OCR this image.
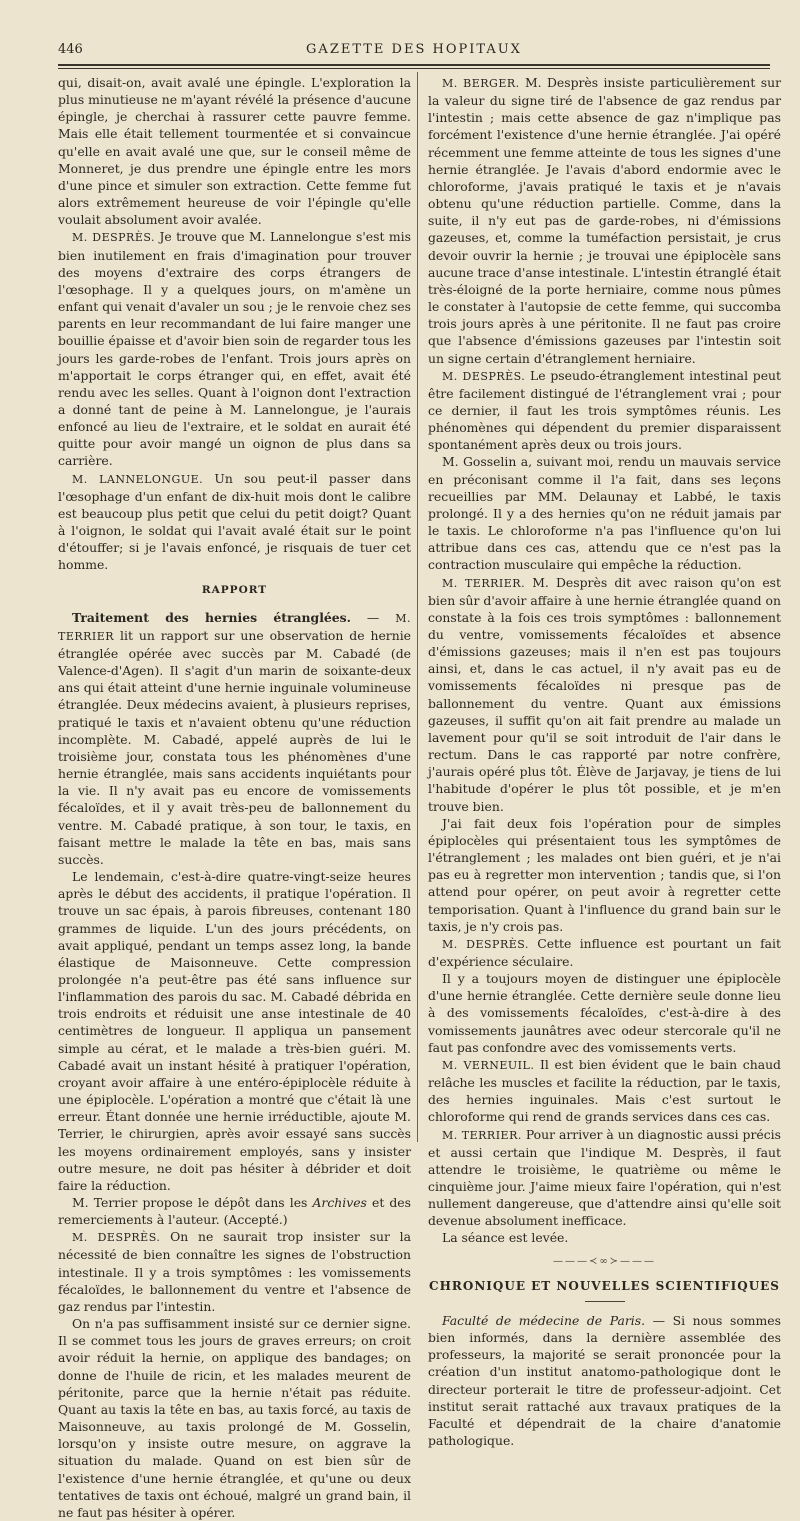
446	GAZETTE DES HOPITAUX

qui, disait-on, avait avalé une épingle. L'exploration la plus minutieuse ne m'ayant révélé la présence d'aucune épingle, je cherchai à rassurer cette pauvre femme. Mais elle était tellement tourmentée et si convaincue qu'elle en avait avalé une que, sur le conseil même de Monneret, je dus prendre une épingle entre les mors d'une pince et simuler son extraction. Cette femme fut alors extrêmement heureuse de voir l'épingle qu'elle voulait absolument avoir avalée.

M. DESPRÈS. Je trouve que M. Lannelongue s'est mis bien inutilement en frais d'imagination pour trouver des moyens d'extraire des corps étrangers de l'œsophage. Il y a quelques jours, on m'amène un enfant qui venait d'avaler un sou ; je le renvoie chez ses parents en leur recommandant de lui faire manger une bouillie épaisse et d'avoir bien soin de regarder tous les jours les garde-robes de l'enfant. Trois jours après on m'apportait le corps étranger qui, en effet, avait été rendu avec les selles. Quant à l'oignon dont l'extraction a donné tant de peine à M. Lannelongue, je l'aurais enfoncé au lieu de l'extraire, et le soldat en aurait été quitte pour avoir mangé un oignon de plus dans sa carrière.

M. LANNELONGUE. Un sou peut-il passer dans l'œsophage d'un enfant de dix-huit mois dont le calibre est beaucoup plus petit que celui du petit doigt? Quant à l'oignon, le soldat qui l'avait avalé était sur le point d'étouffer; si je l'avais enfoncé, je risquais de tuer cet homme.

RAPPORT

Traitement des hernies étranglées. — M. TERRIER lit un rapport sur une observation de hernie étranglée opérée avec succès par M. Cabadé (de Valence-d'Agen). Il s'agit d'un marin de soixante-deux ans qui était atteint d'une hernie inguinale volumineuse étranglée. Deux médecins avaient, à plusieurs reprises, pratiqué le taxis et n'avaient obtenu qu'une réduction incomplète. M. Cabadé, appelé auprès de lui le troisième jour, constata tous les phénomènes d'une hernie étranglée, mais sans accidents inquiétants pour la vie. Il n'y avait pas eu encore de vomissements fécaloïdes, et il y avait très-peu de ballonnement du ventre. M. Cabadé pratique, à son tour, le taxis, en faisant mettre le malade la tête en bas, mais sans succès.

Le lendemain, c'est-à-dire quatre-vingt-seize heures après le début des accidents, il pratique l'opération. Il trouve un sac épais, à parois fibreuses, contenant 180 grammes de liquide. L'un des jours précédents, on avait appliqué, pendant un temps assez long, la bande élastique de Maisonneuve. Cette compression prolongée n'a peut-être pas été sans influence sur l'inflammation des parois du sac. M. Cabadé débrida en trois endroits et réduisit une anse intestinale de 40 centimètres de longueur. Il appliqua un pansement simple au cérat, et le malade a très-bien guéri. M. Cabadé avait un instant hésité à pratiquer l'opération, croyant avoir affaire à une entéro-épiplocèle réduite à une épiplocèle. L'opération a montré que c'était là une erreur. Étant donnée une hernie irréductible, ajoute M. Terrier, le chirurgien, après avoir essayé sans succès les moyens ordinairement employés, sans y insister outre mesure, ne doit pas hésiter à débrider et doit faire la réduction.

M. Terrier propose le dépôt dans les Archives et des remerciements à l'auteur. (Accepté.)

M. DESPRÈS. On ne saurait trop insister sur la nécessité de bien connaître les signes de l'obstruction intestinale. Il y a trois symptômes : les vomissements fécaloïdes, le ballonnement du ventre et l'absence de gaz rendus par l'intestin.

On n'a pas suffisamment insisté sur ce dernier signe. Il se commet tous les jours de graves erreurs; on croit avoir réduit la hernie, on applique des bandages; on donne de l'huile de ricin, et les malades meurent de péritonite, parce que la hernie n'était pas réduite. Quant au taxis la tête en bas, au taxis forcé, au taxis de Maisonneuve, au taxis prolongé de M. Gosselin, lorsqu'on y insiste outre mesure, on aggrave la situation du malade. Quand on est bien sûr de l'existence d'une hernie étranglée, et qu'une ou deux tentatives de taxis ont échoué, malgré un grand bain, il ne faut pas hésiter à opérer.

M. BERGER. M. Desprès insiste particulièrement sur la valeur du signe tiré de l'absence de gaz rendus par l'intestin ; mais cette absence de gaz n'implique pas forcément l'existence d'une hernie étranglée. J'ai opéré récemment une femme atteinte de tous les signes d'une hernie étranglée. Je l'avais d'abord endormie avec le chloroforme, j'avais pratiqué le taxis et je n'avais obtenu qu'une réduction partielle. Comme, dans la suite, il n'y eut pas de garde-robes, ni d'émissions gazeuses, et, comme la tuméfaction persistait, je crus devoir ouvrir la hernie ; je trouvai une épiplocèle sans aucune trace d'anse intestinale. L'intestin étranglé était très-éloigné de la porte herniaire, comme nous pûmes le constater à l'autopsie de cette femme, qui succomba trois jours après à une péritonite. Il ne faut pas croire que l'absence d'émissions gazeuses par l'intestin soit un signe certain d'étranglement herniaire.

M. DESPRÈS. Le pseudo-étranglement intestinal peut être facilement distingué de l'étranglement vrai ; pour ce dernier, il faut les trois symptômes réunis. Les phénomènes qui dépendent du premier disparaissent spontanément après deux ou trois jours.

M. Gosselin a, suivant moi, rendu un mauvais service en préconisant comme il l'a fait, dans ses leçons recueillies par MM. Delaunay et Labbé, le taxis prolongé. Il y a des hernies qu'on ne réduit jamais par le taxis. Le chloroforme n'a pas l'influence qu'on lui attribue dans ces cas, attendu que ce n'est pas la contraction musculaire qui empêche la réduction.

M. TERRIER. M. Desprès dit avec raison qu'on est bien sûr d'avoir affaire à une hernie étranglée quand on constate à la fois ces trois symptômes : ballonnement du ventre, vomissements fécaloïdes et absence d'émissions gazeuses; mais il n'en est pas toujours ainsi, et, dans le cas actuel, il n'y avait pas eu de vomissements fécaloïdes ni presque pas de ballonnement du ventre. Quant aux émissions gazeuses, il suffit qu'on ait fait prendre au malade un lavement pour qu'il se soit introduit de l'air dans le rectum. Dans le cas rapporté par notre confrère, j'aurais opéré plus tôt. Élève de Jarjavay, je tiens de lui l'habitude d'opérer le plus tôt possible, et je m'en trouve bien.

J'ai fait deux fois l'opération pour de simples épiplocèles qui présentaient tous les symptômes de l'étranglement ; les malades ont bien guéri, et je n'ai pas eu à regretter mon intervention ; tandis que, si l'on attend pour opérer, on peut avoir à regretter cette temporisation. Quant à l'influence du grand bain sur le taxis, je n'y crois pas.

M. DESPRÈS. Cette influence est pourtant un fait d'expérience séculaire.

Il y a toujours moyen de distinguer une épiplocèle d'une hernie étranglée. Cette dernière seule donne lieu à des vomissements fécaloïdes, c'est-à-dire à des vomissements jaunâtres avec odeur stercorale qu'il ne faut pas confondre avec des vomissements verts.

M. VERNEUIL. Il est bien évident que le bain chaud relâche les muscles et facilite la réduction, par le taxis, des hernies inguinales. Mais c'est surtout le chloroforme qui rend de grands services dans ces cas.

M. TERRIER. Pour arriver à un diagnostic aussi précis et aussi certain que l'indique M. Desprès, il faut attendre le troisième, le quatrième ou même le cinquième jour. J'aime mieux faire l'opération, qui n'est nullement dangereuse, que d'attendre ainsi qu'elle soit devenue absolument inefficace.

La séance est levée.

———≺∞≻———
CHRONIQUE ET NOUVELLES SCIENTIFIQUES

Faculté de médecine de Paris. — Si nous sommes bien informés, dans la dernière assemblée des professeurs, la majorité se serait prononcée pour la création d'un institut anatomo-pathologique dont le directeur porterait le titre de professeur-adjoint. Cet institut serait rattaché aux travaux pratiques de la Faculté et dépendrait de la chaire d'anatomie pathologique.
